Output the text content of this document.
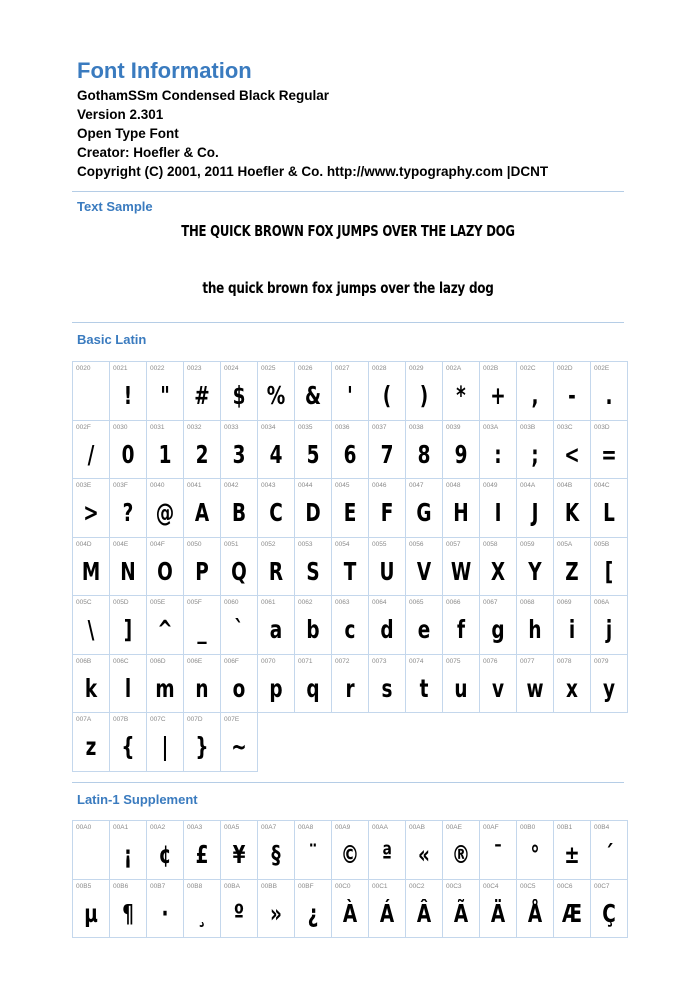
Font Information
GothamSSm Condensed Black Regular
Version 2.301
Open Type Font
Creator: Hoefler & Co.
Copyright (C) 2001, 2011 Hoefler & Co. http://www.typography.com |DCNT
Text Sample
THE QUICK BROWN FOX JUMPS OVER THE LAZY DOG
the quick brown fox jumps over the lazy dog
Basic Latin
0020	0021
!
0022
"
0023
#
0024
$
0025
%
0026
&
0027
'
0028
(
0029
)
002A
*
002B
+
002C
,
002D
-
002E
.
002F
/
0030
0
0031
1
0032
2
0033
3
0034
4
0035
5
0036
6
0037
7
0038
8
0039
9
003A
:
003B
;
003C
<
003D
=
003E
>
003F
?
0040
@
0041
A
0042
B
0043
C
0044
D
0045
E
0046
F
0047
G
0048
H
0049
I
004A
J
004B
K
004C
L
004D
M
004E
N
004F
O
0050
P
0051
Q
0052
R
0053
S
0054
T
0055
U
0056
V
0057
W
0058
X
0059
Y
005A
Z
005B
[
005C
\
005D
]
005E
^
005F
_
0060
`
0061
a
0062
b
0063
c
0064
d
0065
e
0066
f
0067
g
0068
h
0069
i
006A
j
006B
k
006C
l
006D
m
006E
n
006F
o
0070
p
0071
q
0072
r
0073
s
0074
t
0075
u
0076
v
0077
w
0078
x
0079
y
007A
z
007B
{
007C
|
007D
}
007E
~
Latin-1 Supplement
00A0	00A1
¡
00A2
¢
00A3
£
00A5
¥
00A7
§
00A8
¨
00A9
©
00AA
ª
00AB
«
00AE
®
00AF
¯
00B0
°
00B1
±
00B4
´
00B5
µ
00B6
¶
00B7
·
00B8
¸
00BA
º
00BB
»
00BF
¿
00C0
À
00C1
Á
00C2
Â
00C3
Ã
00C4
Ä
00C5
Å
00C6
Æ
00C7
Ç
